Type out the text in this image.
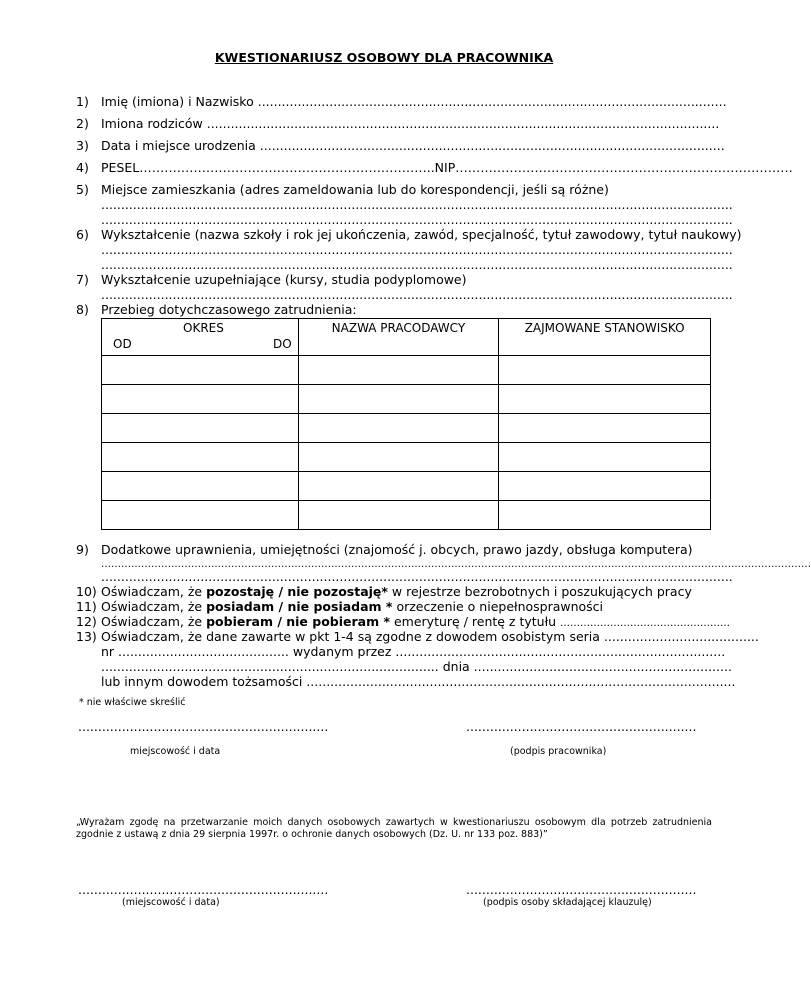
KWESTIONARIUSZ OSOBOWY DLA PRACOWNIKA
1) Imię (imiona) i Nazwisko ......................................................................................................................
2) Imiona rodziców .................................................................................................................................
3) Data i miejsce urodzenia .....................................................................................................................
4) PESEL……………………………………………………………..NIP………………………………………………………………………
5) Miejsce zamieszkania (adres zameldowania lub do korespondencji, jeśli są różne)
...............................................................................................................................................................
...............................................................................................................................................................
6) Wykształcenie (nazwa szkoły i rok jej ukończenia, zawód, specjalność, tytuł zawodowy, tytuł naukowy)
...............................................................................................................................................................
...............................................................................................................................................................
7) Wykształcenie uzupełniające (kursy, studia podyplomowe)
...............................................................................................................................................................
8) Przebieg dotychczasowego zatrudnienia:
OKRES
OD DO	NAZWA PRACODAWCY	ZAJMOWANE STANOWISKO

9) Dodatkowe uprawnienia, umiejętności (znajomość j. obcych, prawo jazdy, obsługa komputera)
……………………………………………………………………………………………………………………………………………………………………………………………
...............................................................................................................................................................
10) Oświadczam, że pozostaję / nie pozostaję* w rejestrze bezrobotnych i poszukujących pracy
11) Oświadczam, że posiadam / nie posiadam * orzeczenie o niepełnosprawności
12) Oświadczam, że pobieram / nie pobieram * emeryturę / rentę z tytułu ……………………………………………
13) Oświadczam, że dane zawarte w pkt 1-4 są zgodne z dowodem osobistym seria .......................................
nr ........................................... wydanym przez ...................................................................................
..................................................................................... dnia .................................................................
lub innym dowodem tożsamości ............................................................................................................
* nie właściwe skreślić
...............................................................
miejscowość i data
..........................................................
(podpis pracownika)
„Wyrażam zgodę na przetwarzanie moich danych osobowych zawartych w kwestionariuszu osobowym dla potrzeb zatrudnienia zgodnie z ustawą z dnia 29 sierpnia 1997r. o ochronie danych osobowych (Dz. U. nr 133 poz. 883)”
...............................................................
(miejscowość i data)
..........................................................
(podpis osoby składającej klauzulę)
